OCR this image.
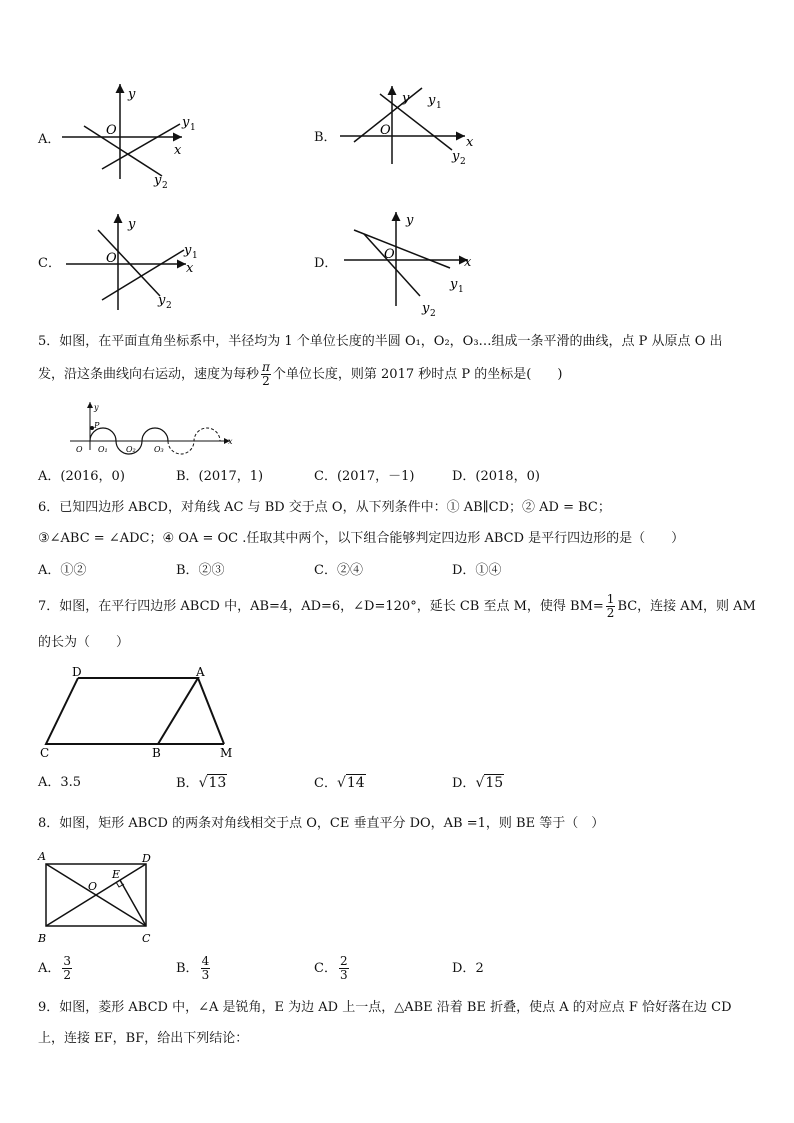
A．
y
O
x
y 1
y 2
B．
y
O
x
y 1
y 2
C．
y
O
x
y 1
y 2
D．
y
O
x
y 1
y 2
5．如图，在平面直角坐标系中，半径均为 1 个单位长度的半圆 O₁，O₂，O₃…组成一条平滑的曲线，点 P 从原点 O 出
发，沿这条曲线向右运动，速度为每秒 $\frac{\pi}{2}$ 个单位长度，则第 2017 秒时点 P 的坐标是(　　)
y
P
O O₁ O₂ O₃
x
A．(2016，0)	B．(2017，1)	C．(2017，－1)	D．(2018，0)
6．已知四边形 ABCD，对角线 AC 与 BD 交于点 O，从下列条件中：① AB∥CD；② AD = BC；
③∠ABC = ∠ADC；④ OA = OC .任取其中两个，以下组合能够判定四边形 ABCD 是平行四边形的是（　　）
A．①②	B．②③	C．②④	D．①④
7．如图，在平行四边形 ABCD 中，AB=4，AD=6，∠D=120°，延长 CB 至点 M，使得 $BM= \frac{1}{2}$ BC，连接 AM，则 AM
的长为（　　）
D	A
C	B	M
A．3.5	B．√13	C．√14	D．√15
8．如图，矩形 ABCD 的两条对角线相交于点 O，CE 垂直平分 DO，AB =1，则 BE 等于（　）
A	D
E
O
B	C
A． $\frac{3}{2}$	B． $\frac{4}{3}$	C． $\frac{2}{3}$	D．2
9．如图，菱形 ABCD 中，∠A 是锐角，E 为边 AD 上一点，△ABE 沿着 BE 折叠，使点 A 的对应点 F 恰好落在边 CD
上，连接 EF，BF，给出下列结论：
